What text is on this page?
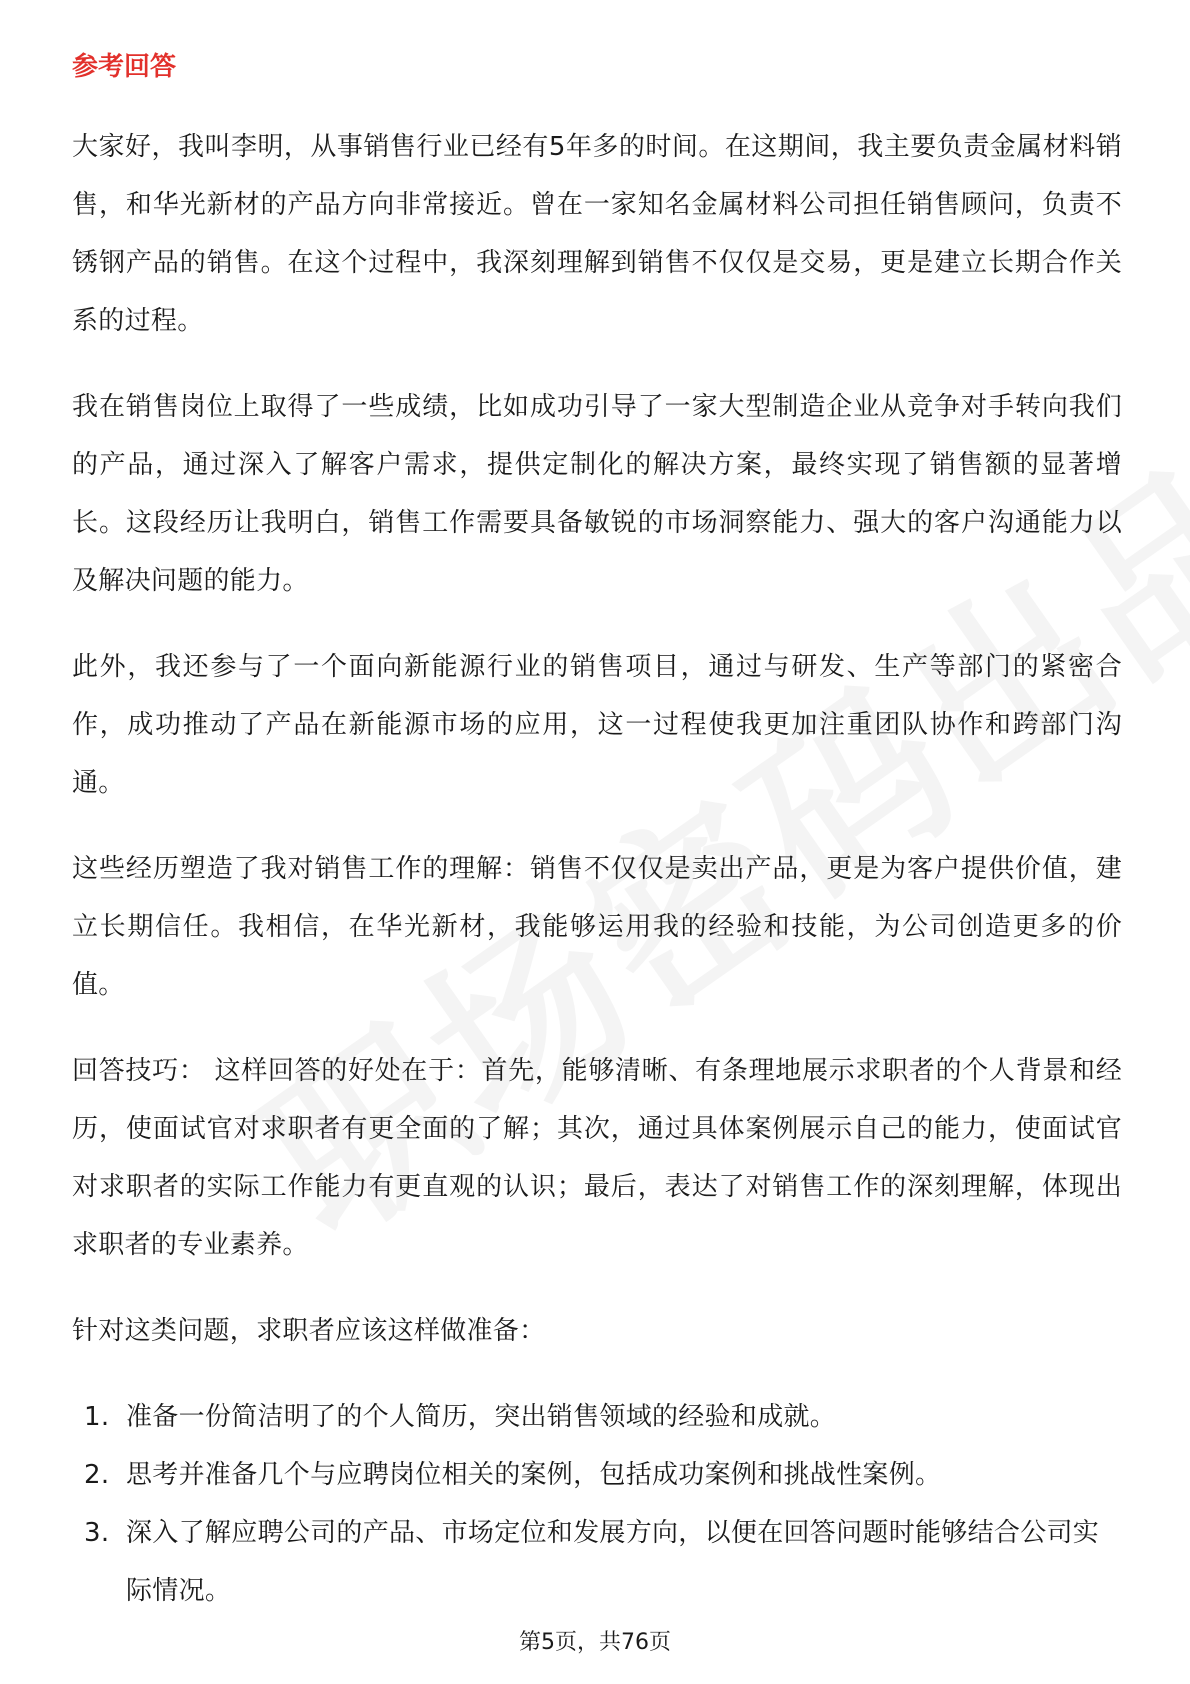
参考回答

大家好，我叫李明，从事销售行业已经有5年多的时间。在这期间，我主要负责金属材料销售，和华光新材的产品方向非常接近。曾在一家知名金属材料公司担任销售顾问，负责不锈钢产品的销售。在这个过程中，我深刻理解到销售不仅仅是交易，更是建立长期合作关系的过程。

我在销售岗位上取得了一些成绩，比如成功引导了一家大型制造企业从竞争对手转向我们的产品，通过深入了解客户需求，提供定制化的解决方案，最终实现了销售额的显著增长。这段经历让我明白，销售工作需要具备敏锐的市场洞察能力、强大的客户沟通能力以及解决问题的能力。

此外，我还参与了一个面向新能源行业的销售项目，通过与研发、生产等部门的紧密合作，成功推动了产品在新能源市场的应用，这一过程使我更加注重团队协作和跨部门沟通。

这些经历塑造了我对销售工作的理解：销售不仅仅是卖出产品，更是为客户提供价值，建立长期信任。我相信，在华光新材，我能够运用我的经验和技能，为公司创造更多的价值。

回答技巧： 这样回答的好处在于：首先，能够清晰、有条理地展示求职者的个人背景和经历，使面试官对求职者有更全面的了解；其次，通过具体案例展示自己的能力，使面试官对求职者的实际工作能力有更直观的认识；最后，表达了对销售工作的深刻理解，体现出求职者的专业素养。

针对这类问题，求职者应该这样做准备：

1. 准备一份简洁明了的个人简历，突出销售领域的经验和成就。
2. 思考并准备几个与应聘岗位相关的案例，包括成功案例和挑战性案例。
3. 深入了解应聘公司的产品、市场定位和发展方向，以便在回答问题时能够结合公司实际情况。
第5页，共76页
